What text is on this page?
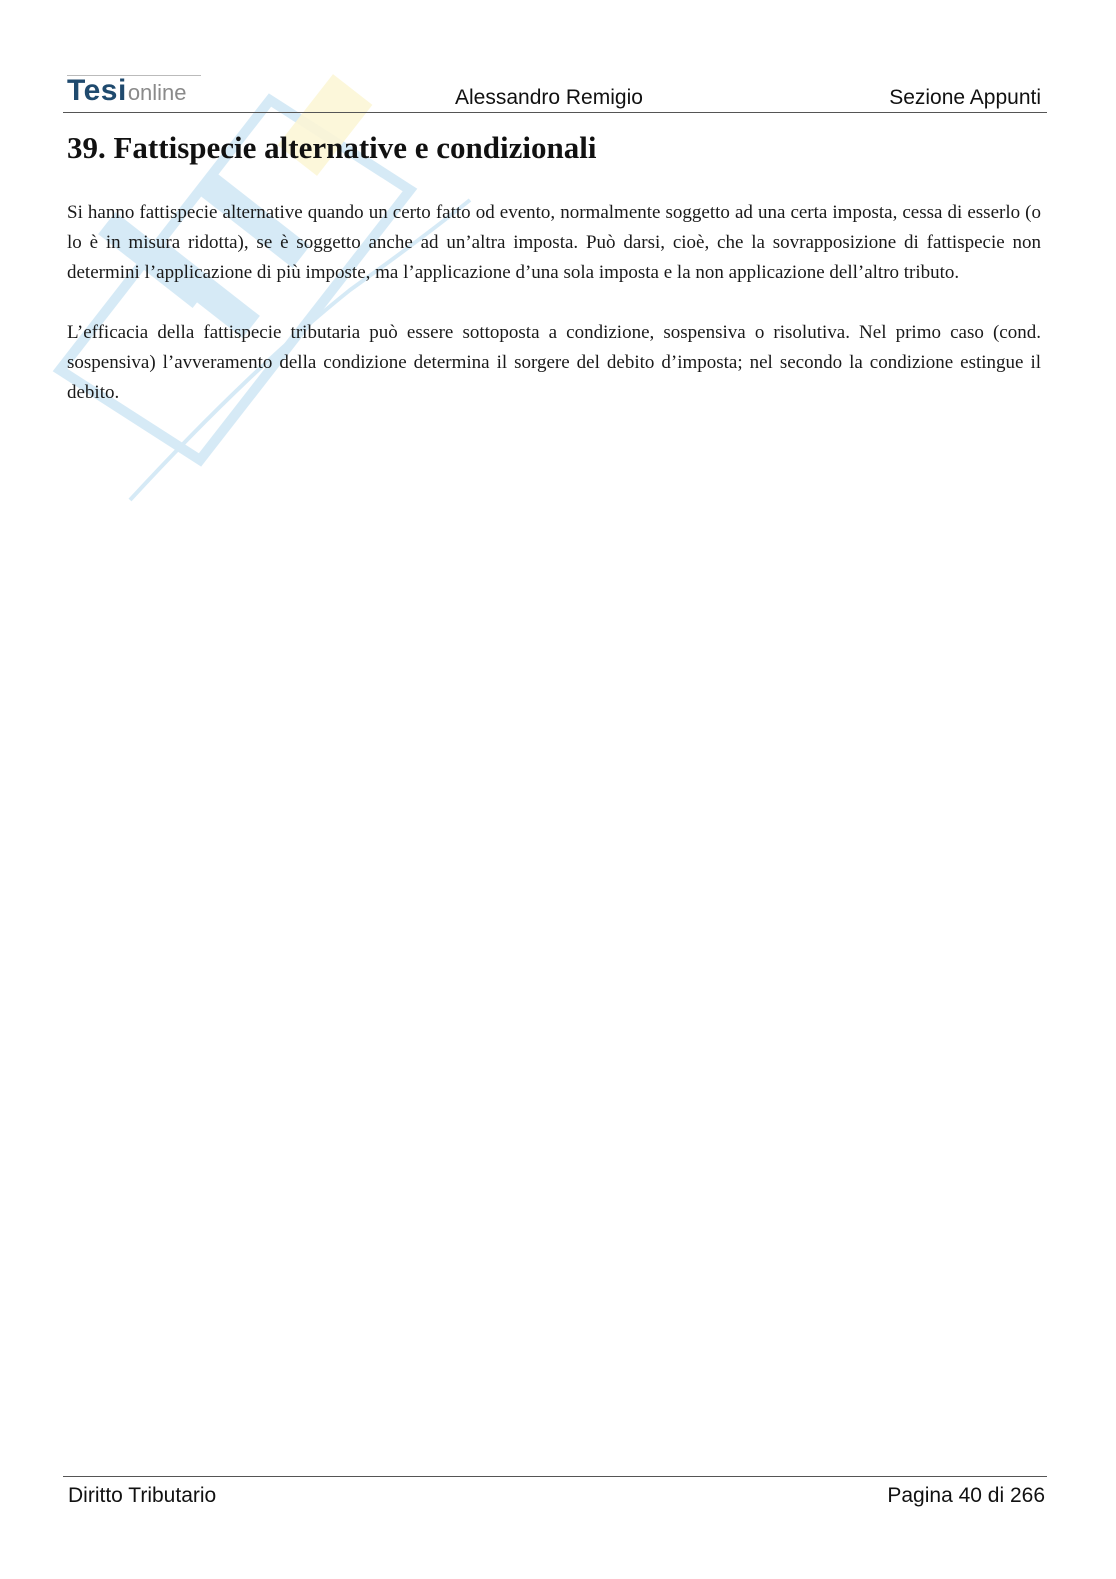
Tesionline	Alessandro Remigio	Sezione Appunti
39. Fattispecie alternative e condizionali

Si hanno fattispecie alternative quando un certo fatto od evento, normalmente soggetto ad una certa imposta, cessa di esserlo (o lo è in misura ridotta), se è soggetto anche ad un’altra imposta. Può darsi, cioè, che la sovrapposizione di fattispecie non determini l’applicazione di più imposte, ma l’applicazione d’una sola imposta e la non applicazione dell’altro tributo.

L’efficacia della fattispecie tributaria può essere sottoposta a condizione, sospensiva o risolutiva. Nel primo caso (cond. sospensiva) l’avveramento della condizione determina il sorgere del debito d’imposta; nel secondo la condizione estingue il debito.

Diritto Tributario	Pagina 40 di 266
